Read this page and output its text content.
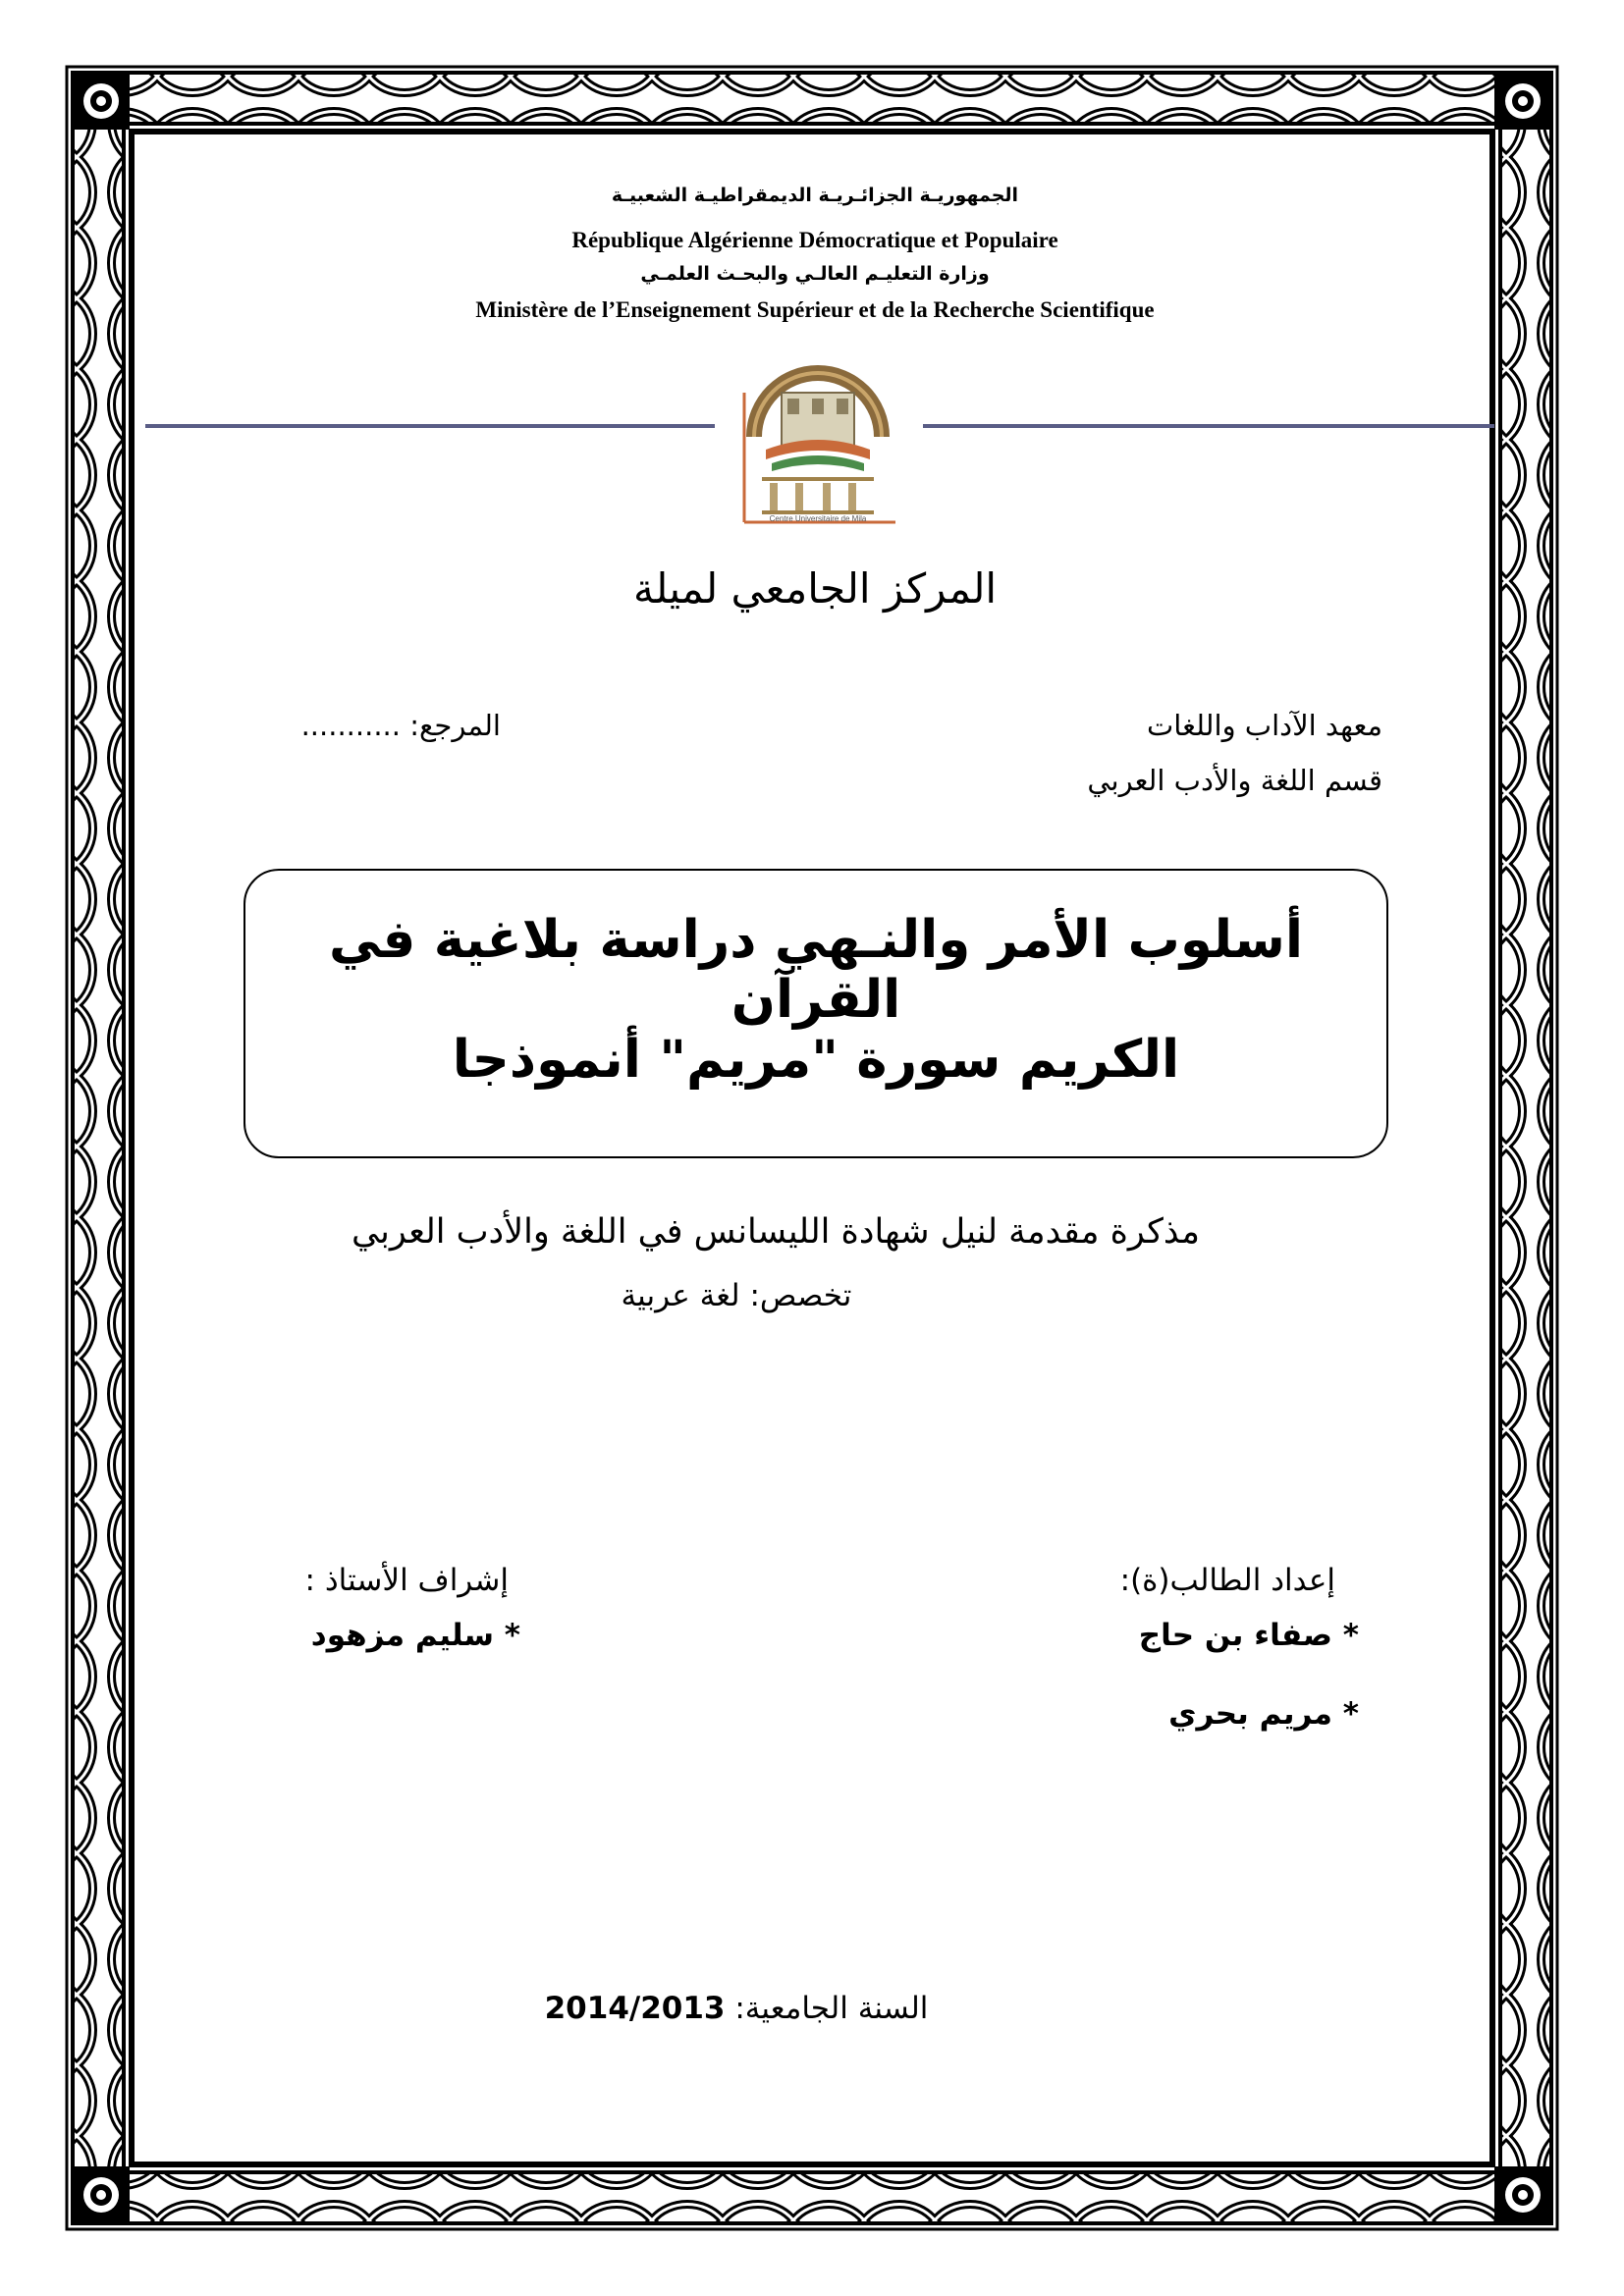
الجمهوريـة الجزائـريـة الديمقراطيـة الشعبيـة
République Algérienne Démocratique et Populaire
وزارة التعليـم العالـي والبحـث العلمـي
Ministère de l’Enseignement Supérieur et de la Recherche Scientifique
Centre Universitaire de Mila
المركز الجامعي لميلة
المرجع: ...........	معهد الآداب واللغات
قسم اللغة والأدب العربي
أسلوب الأمر والنـهي دراسة بلاغية في القرآن
الكريم سورة "مريم" أنموذجا
مذكرة مقدمة لنيل شهادة الليسانس في اللغة والأدب العربي
تخصص: لغة عربية
إعداد الطالب(ة):
* صفاء بن حاج
* مريم بحري
إشراف الأستاذ :
* سليم مزهود
السنة الجامعية: 2014/2013
